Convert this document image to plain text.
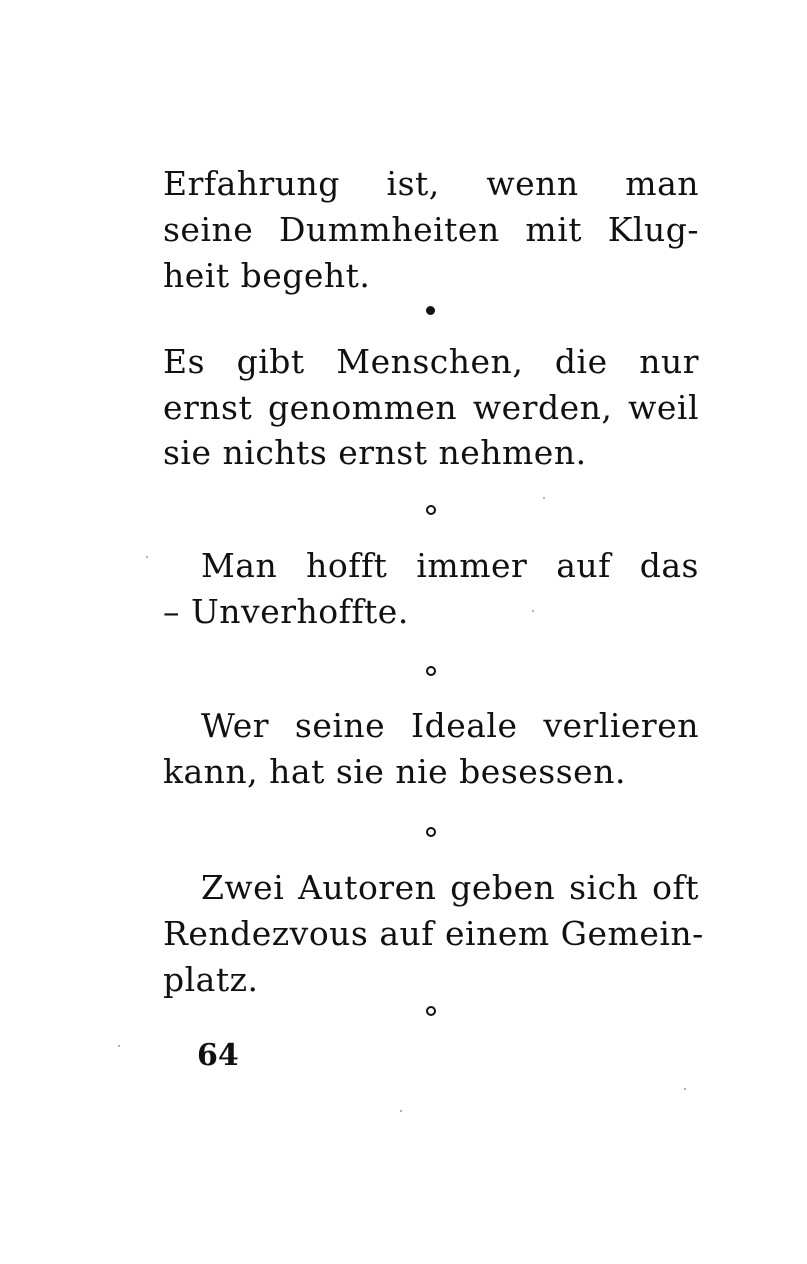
Erfahrung ist, wenn man
seine Dummheiten mit Klug-
heit begeht.
Es gibt Menschen, die nur
ernst genommen werden, weil
sie nichts ernst nehmen.
Man hofft immer auf das
– Unverhoffte.
Wer seine Ideale verlieren
kann, hat sie nie besessen.
Zwei Autoren geben sich oft
Rendezvous auf einem Gemein-
platz.
64
